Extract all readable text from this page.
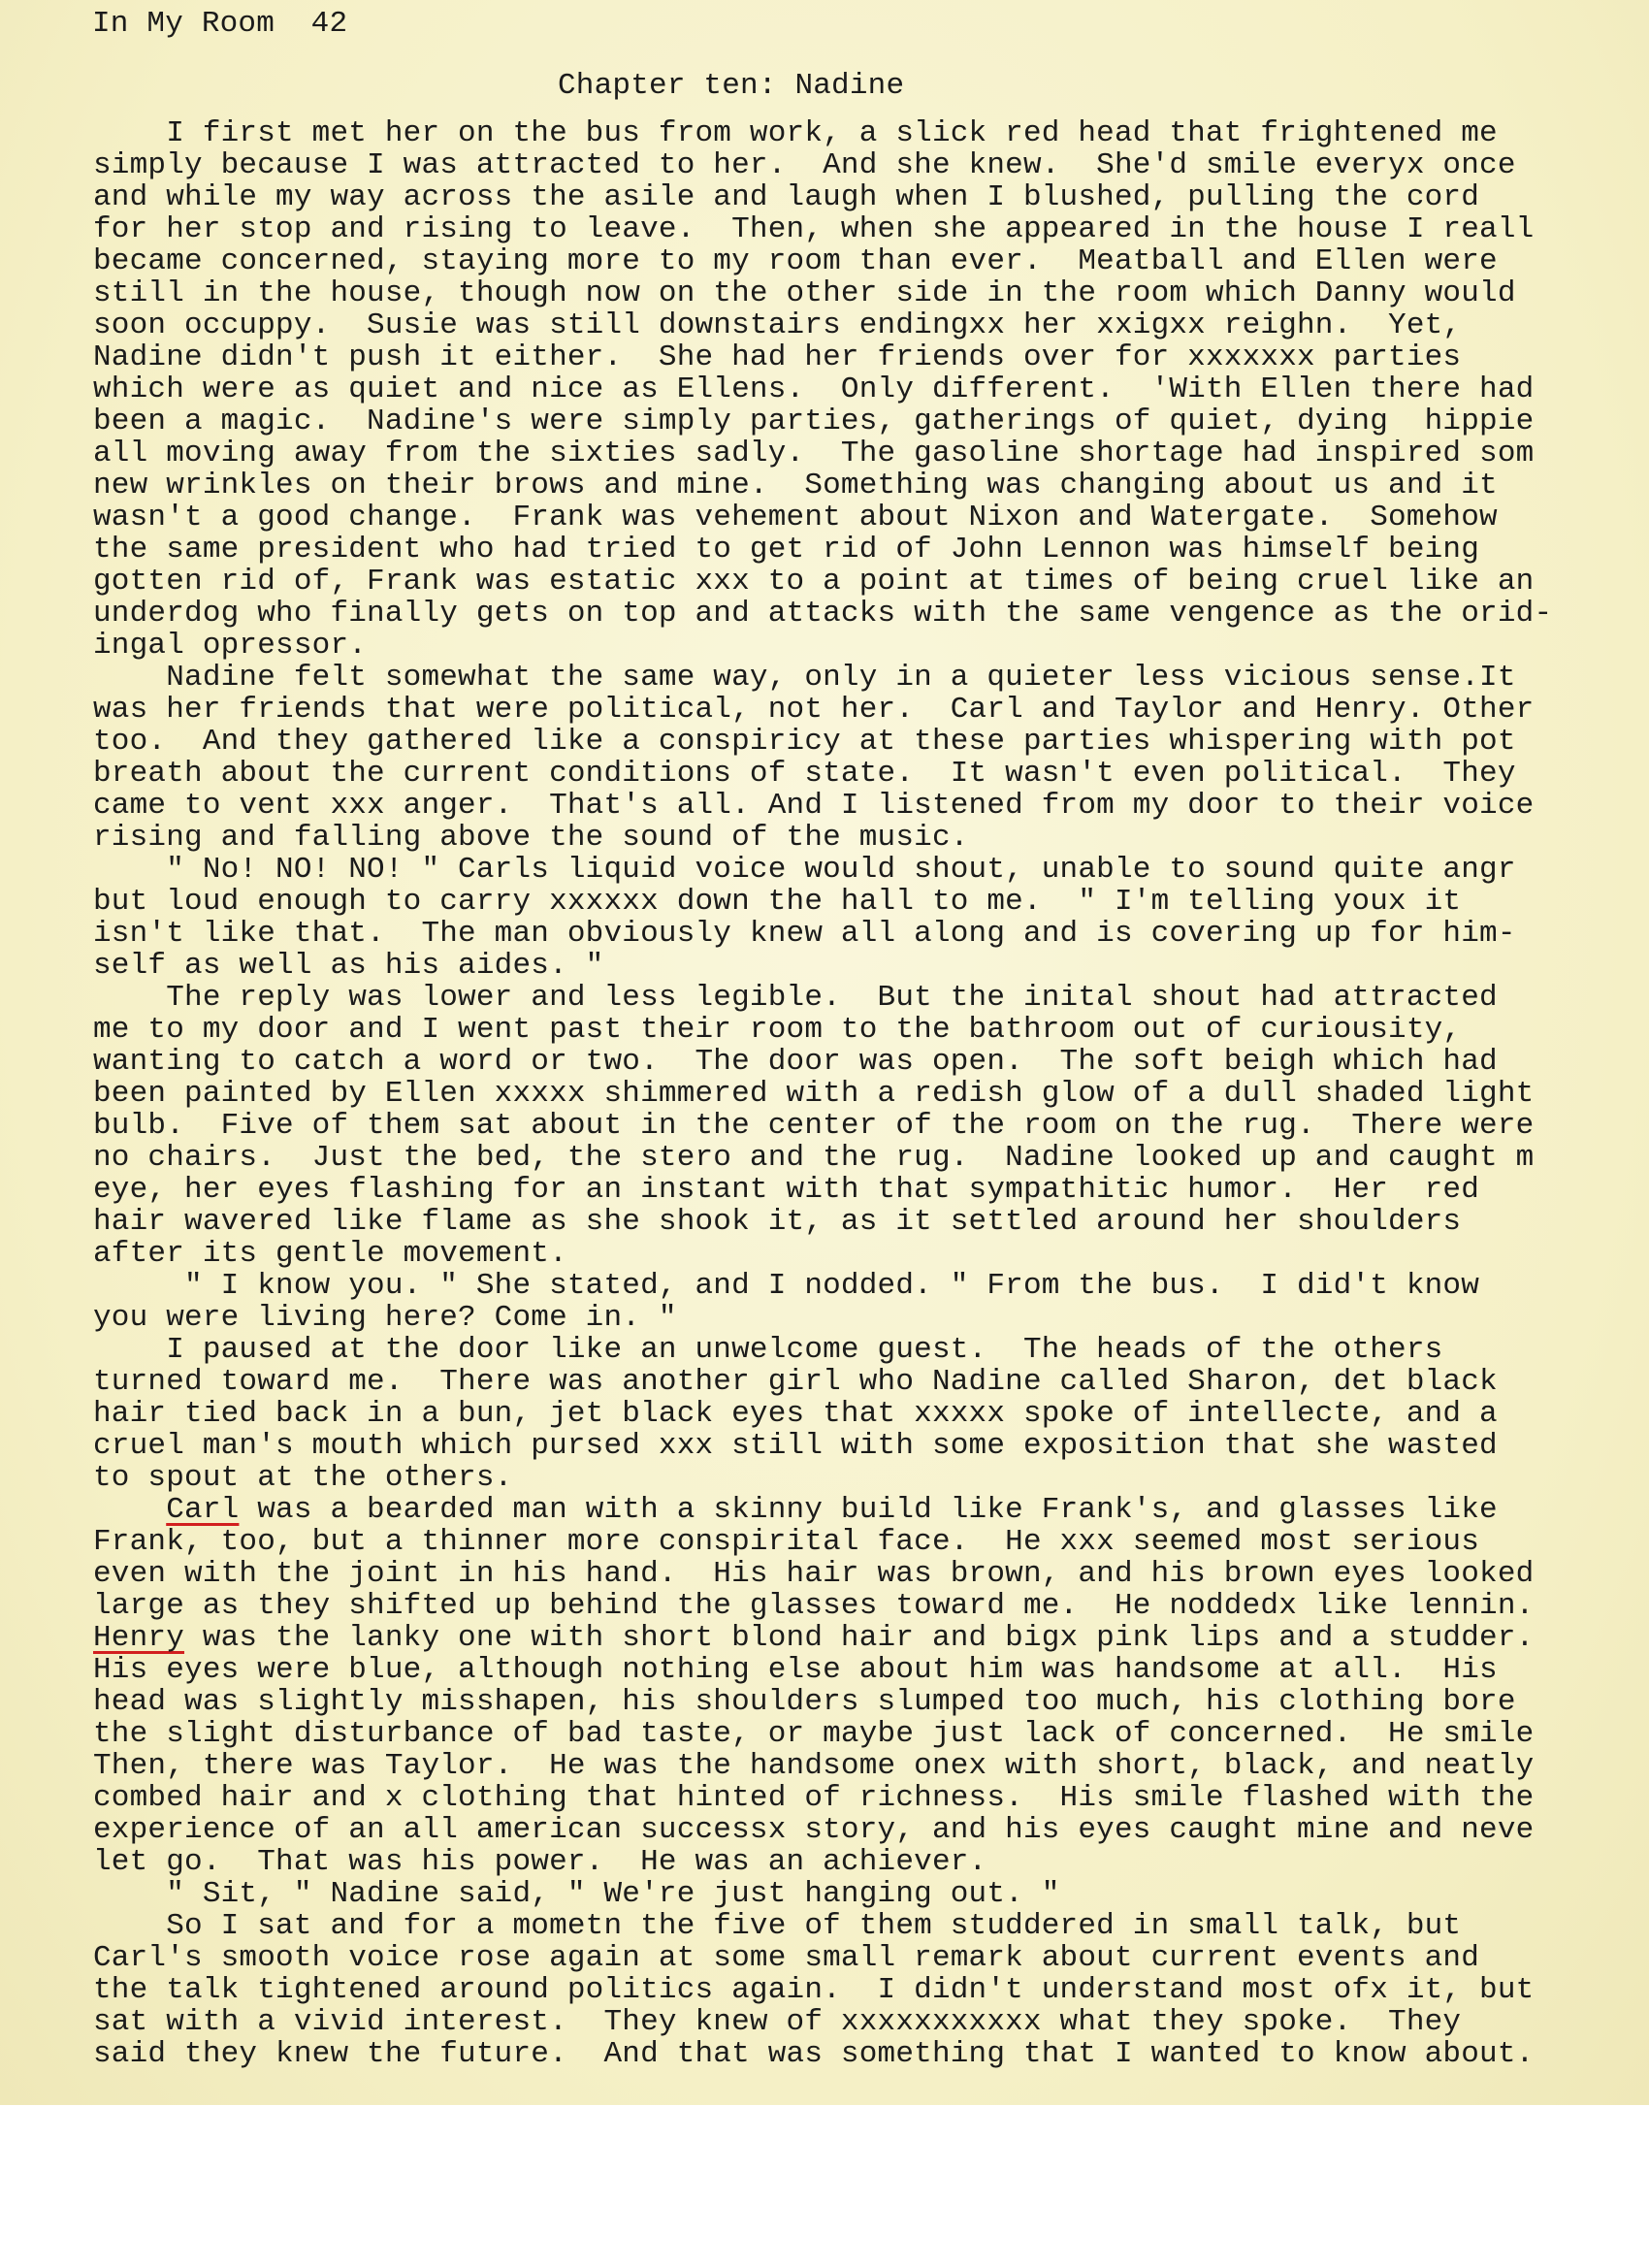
In My Room  42
Chapter ten: Nadine
I first met her on the bus from work, a slick red head that frightened me
simply because I was attracted to her.  And she knew.  She'd smile everyx once
and while my way across the asile and laugh when I blushed, pulling the cord
for her stop and rising to leave.  Then, when she appeared in the house I reall
became concerned, staying more to my room than ever.  Meatball and Ellen were
still in the house, though now on the other side in the room which Danny would
soon occuppy.  Susie was still downstairs endingxx her xxigxx reighn.  Yet,
Nadine didn't push it either.  She had her friends over for xxxxxxx parties
which were as quiet and nice as Ellens.  Only different.  'With Ellen there had
been a magic.  Nadine's were simply parties, gatherings of quiet, dying  hippie
all moving away from the sixties sadly.  The gasoline shortage had inspired som
new wrinkles on their brows and mine.  Something was changing about us and it
wasn't a good change.  Frank was vehement about Nixon and Watergate.  Somehow
the same president who had tried to get rid of John Lennon was himself being
gotten rid of, Frank was estatic xxx to a point at times of being cruel like an
underdog who finally gets on top and attacks with the same vengence as the orid-
ingal opressor.
Nadine felt somewhat the same way, only in a quieter less vicious sense.It
was her friends that were political, not her.  Carl and Taylor and Henry. Other
too.  And they gathered like a conspiricy at these parties whispering with pot
breath about the current conditions of state.  It wasn't even political.  They
came to vent xxx anger.  That's all. And I listened from my door to their voice
rising and falling above the sound of the music.
" No! NO! NO! " Carls liquid voice would shout, unable to sound quite angr
but loud enough to carry xxxxxx down the hall to me.  " I'm telling youx it
isn't like that.  The man obviously knew all along and is covering up for him-
self as well as his aides. "
The reply was lower and less legible.  But the inital shout had attracted
me to my door and I went past their room to the bathroom out of curiousity,
wanting to catch a word or two.  The door was open.  The soft beigh which had
been painted by Ellen xxxxx shimmered with a redish glow of a dull shaded light
bulb.  Five of them sat about in the center of the room on the rug.  There were
no chairs.  Just the bed, the stero and the rug.  Nadine looked up and caught m
eye, her eyes flashing for an instant with that sympathitic humor.  Her  red
hair wavered like flame as she shook it, as it settled around her shoulders
after its gentle movement.
" I know you. " She stated, and I nodded. " From the bus.  I did't know
you were living here? Come in. "
I paused at the door like an unwelcome guest.  The heads of the others
turned toward me.  There was another girl who Nadine called Sharon, det black
hair tied back in a bun, jet black eyes that xxxxx spoke of intellecte, and a
cruel man's mouth which pursed xxx still with some exposition that she wasted
to spout at the others.
Carl was a bearded man with a skinny build like Frank's, and glasses like
Frank, too, but a thinner more conspirital face.  He xxx seemed most serious
even with the joint in his hand.  His hair was brown, and his brown eyes looked
large as they shifted up behind the glasses toward me.  He noddedx like lennin.
Henry was the lanky one with short blond hair and bigx pink lips and a studder.
His eyes were blue, although nothing else about him was handsome at all.  His
head was slightly misshapen, his shoulders slumped too much, his clothing bore
the slight disturbance of bad taste, or maybe just lack of concerned.  He smile
Then, there was Taylor.  He was the handsome onex with short, black, and neatly
combed hair and x clothing that hinted of richness.  His smile flashed with the
experience of an all american successx story, and his eyes caught mine and neve
let go.  That was his power.  He was an achiever.
" Sit, " Nadine said, " We're just hanging out. "
So I sat and for a mometn the five of them studdered in small talk, but
Carl's smooth voice rose again at some small remark about current events and
the talk tightened around politics again.  I didn't understand most ofx it, but
sat with a vivid interest.  They knew of xxxxxxxxxxx what they spoke.  They
said they knew the future.  And that was something that I wanted to know about.
